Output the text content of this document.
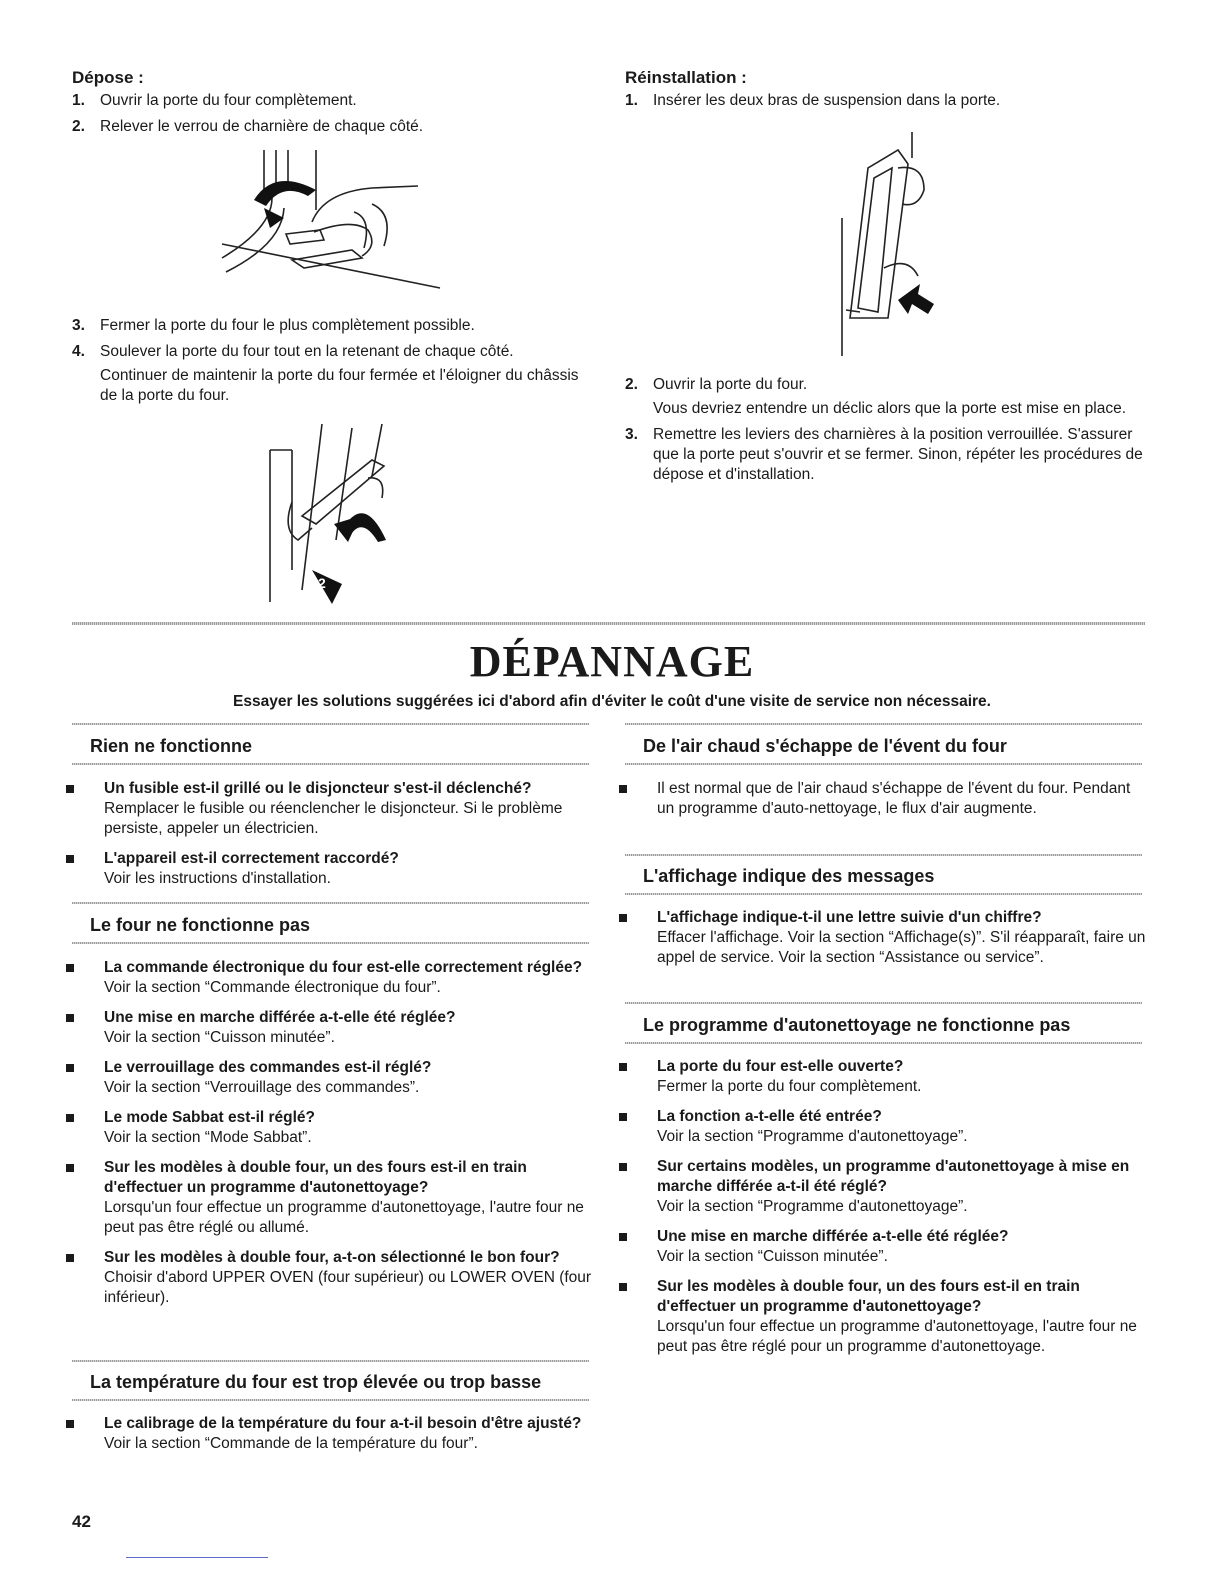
Dépose :
1. Ouvrir la porte du four complètement.

2. Relever le verrou de charnière de chaque côté.

3. Fermer la porte du four le plus complètement possible.

4. Soulever la porte du four tout en la retenant de chaque côté.

Continuer de maintenir la porte du four fermée et l'éloigner du châssis de la porte du four.

1
2
Réinstallation :
1. Insérer les deux bras de suspension dans la porte.

2. Ouvrir la porte du four.

Vous devriez entendre un déclic alors que la porte est mise en place.

3. Remettre les leviers des charnières à la position verrouillée. S'assurer que la porte peut s'ouvrir et se fermer. Sinon, répéter les procédures de dépose et d'installation.

DÉPANNAGE

Essayer les solutions suggérées ici d'abord afin d'éviter le coût d'une visite de service non nécessaire.

Rien ne fonctionne
Un fusible est-il grillé ou le disjoncteur s'est-il déclenché?
Remplacer le fusible ou réenclencher le disjoncteur. Si le problème persiste, appeler un électricien.
L'appareil est-il correctement raccordé?
Voir les instructions d'installation.
Le four ne fonctionne pas
La commande électronique du four est-elle correctement réglée?
Voir la section “Commande électronique du four”.
Une mise en marche différée a-t-elle été réglée?
Voir la section “Cuisson minutée”.
Le verrouillage des commandes est-il réglé?
Voir la section “Verrouillage des commandes”.
Le mode Sabbat est-il réglé?
Voir la section “Mode Sabbat”.
Sur les modèles à double four, un des fours est-il en train d'effectuer un programme d'autonettoyage?
Lorsqu'un four effectue un programme d'autonettoyage, l'autre four ne peut pas être réglé ou allumé.
Sur les modèles à double four, a-t-on sélectionné le bon four?
Choisir d'abord UPPER OVEN (four supérieur) ou LOWER OVEN (four inférieur).
La température du four est trop élevée ou trop basse
Le calibrage de la température du four a-t-il besoin d'être ajusté?
Voir la section “Commande de la température du four”.
De l'air chaud s'échappe de l'évent du four
Il est normal que de l'air chaud s'échappe de l'évent du four. Pendant un programme d'auto-nettoyage, le flux d'air augmente.
L'affichage indique des messages
L'affichage indique-t-il une lettre suivie d'un chiffre?
Effacer l'affichage. Voir la section “Affichage(s)”. S'il réapparaît, faire un appel de service. Voir la section “Assistance ou service”.
Le programme d'autonettoyage ne fonctionne pas
La porte du four est-elle ouverte?
Fermer la porte du four complètement.
La fonction a-t-elle été entrée?
Voir la section “Programme d'autonettoyage”.
Sur certains modèles, un programme d'autonettoyage à mise en marche différée a-t-il été réglé?
Voir la section “Programme d'autonettoyage”.
Une mise en marche différée a-t-elle été réglée?
Voir la section “Cuisson minutée”.
Sur les modèles à double four, un des fours est-il en train d'effectuer un programme d'autonettoyage?
Lorsqu'un four effectue un programme d'autonettoyage, l'autre four ne peut pas être réglé pour un programme d'autonettoyage.

42
